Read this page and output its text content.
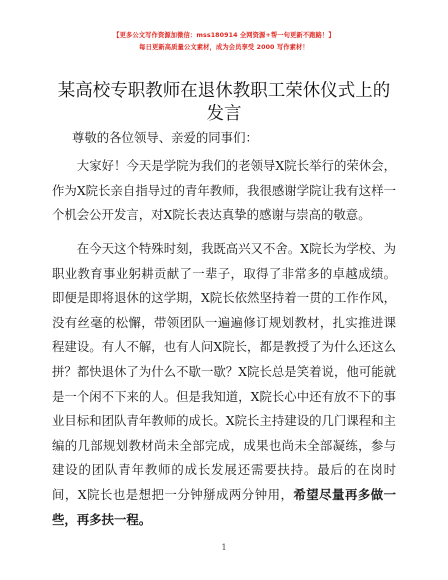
【更多公文写作资源加微信：mss180914 全网资源+帮一句更新不跑路！】
每日更新高质量公文素材，成为会员享受 2000 写作素材！
某高校专职教师在退休教职工荣休仪式上的发言
尊敬的各位领导、亲爱的同事们：
大家好！今天是学院为我们的老领导X院长举行的荣休会，作为X院长亲自指导过的青年教师，我很感谢学院让我有这样一个机会公开发言，对X院长表达真挚的感谢与崇高的敬意。
在今天这个特殊时刻，我既高兴又不舍。X院长为学校、为职业教育事业躬耕贡献了一辈子，取得了非常多的卓越成绩。即便是即将退休的这学期，X院长依然坚持着一贯的工作作风，没有丝毫的松懈，带领团队一遍遍修订规划教材，扎实推进课程建设。有人不解，也有人问X院长，都是教授了为什么还这么拼？都快退休了为什么不歇一歇？X院长总是笑着说，他可能就是一个闲不下来的人。但是我知道，X院长心中还有放不下的事业目标和团队青年教师的成长。X院长主持建设的几门课程和主编的几部规划教材尚未全部完成，成果也尚未全部凝练，参与建设的团队青年教师的成长发展还需要扶持。最后的在岗时间，X院长也是想把一分钟掰成两分钟用，希望尽量再多做一些，再多扶一程。
1
